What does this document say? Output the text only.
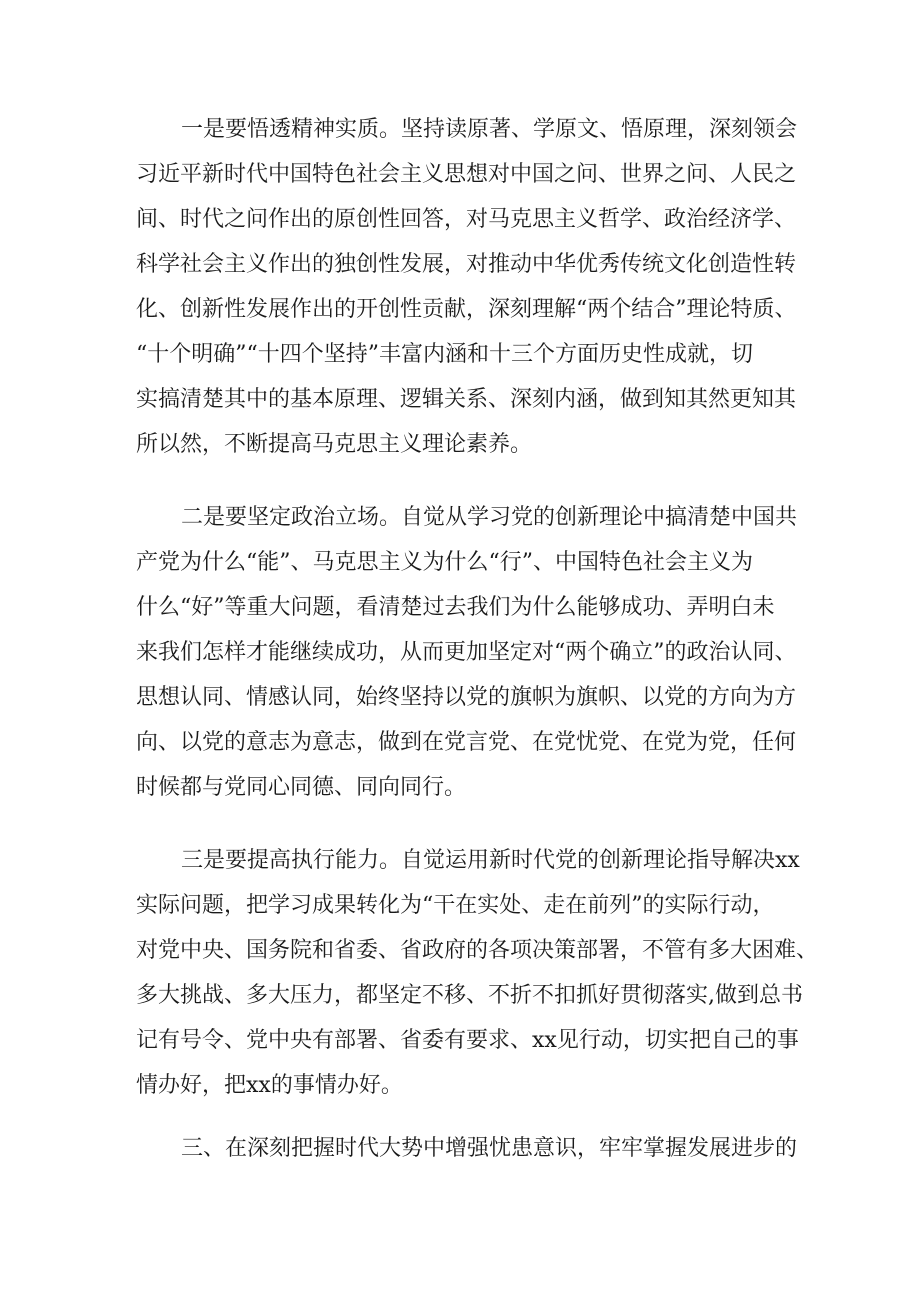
一是要悟透精神实质。坚持读原著、学原文、悟原理，深刻领会

习近平新时代中国特色社会主义思想对中国之问、世界之问、人民之

间、时代之问作出的原创性回答，对马克思主义哲学、政治经济学、

科学社会主义作出的独创性发展，对推动中华优秀传统文化创造性转

化、创新性发展作出的开创性贡献，深刻理解“两个结合”理论特质、

“十个明确”“十四个坚持”丰富内涵和十三个方面历史性成就，切

实搞清楚其中的基本原理、逻辑关系、深刻内涵，做到知其然更知其

所以然，不断提高马克思主义理论素养。

二是要坚定政治立场。自觉从学习党的创新理论中搞清楚中国共

产党为什么“能”、马克思主义为什么“行”、中国特色社会主义为

什么“好”等重大问题，看清楚过去我们为什么能够成功、弄明白未

来我们怎样才能继续成功，从而更加坚定对“两个确立”的政治认同、

思想认同、情感认同，始终坚持以党的旗帜为旗帜、以党的方向为方

向、以党的意志为意志，做到在党言党、在党忧党、在党为党，任何

时候都与党同心同德、同向同行。

三是要提高执行能力。自觉运用新时代党的创新理论指导解决xx

实际问题，把学习成果转化为“干在实处、走在前列”的实际行动，

对党中央、国务院和省委、省政府的各项决策部署，不管有多大困难、

多大挑战、多大压力，都坚定不移、不折不扣抓好贯彻落实,做到总书

记有号令、党中央有部署、省委有要求、xx见行动，切实把自己的事

情办好，把xx的事情办好。

三、在深刻把握时代大势中增强忧患意识，牢牢掌握发展进步的
